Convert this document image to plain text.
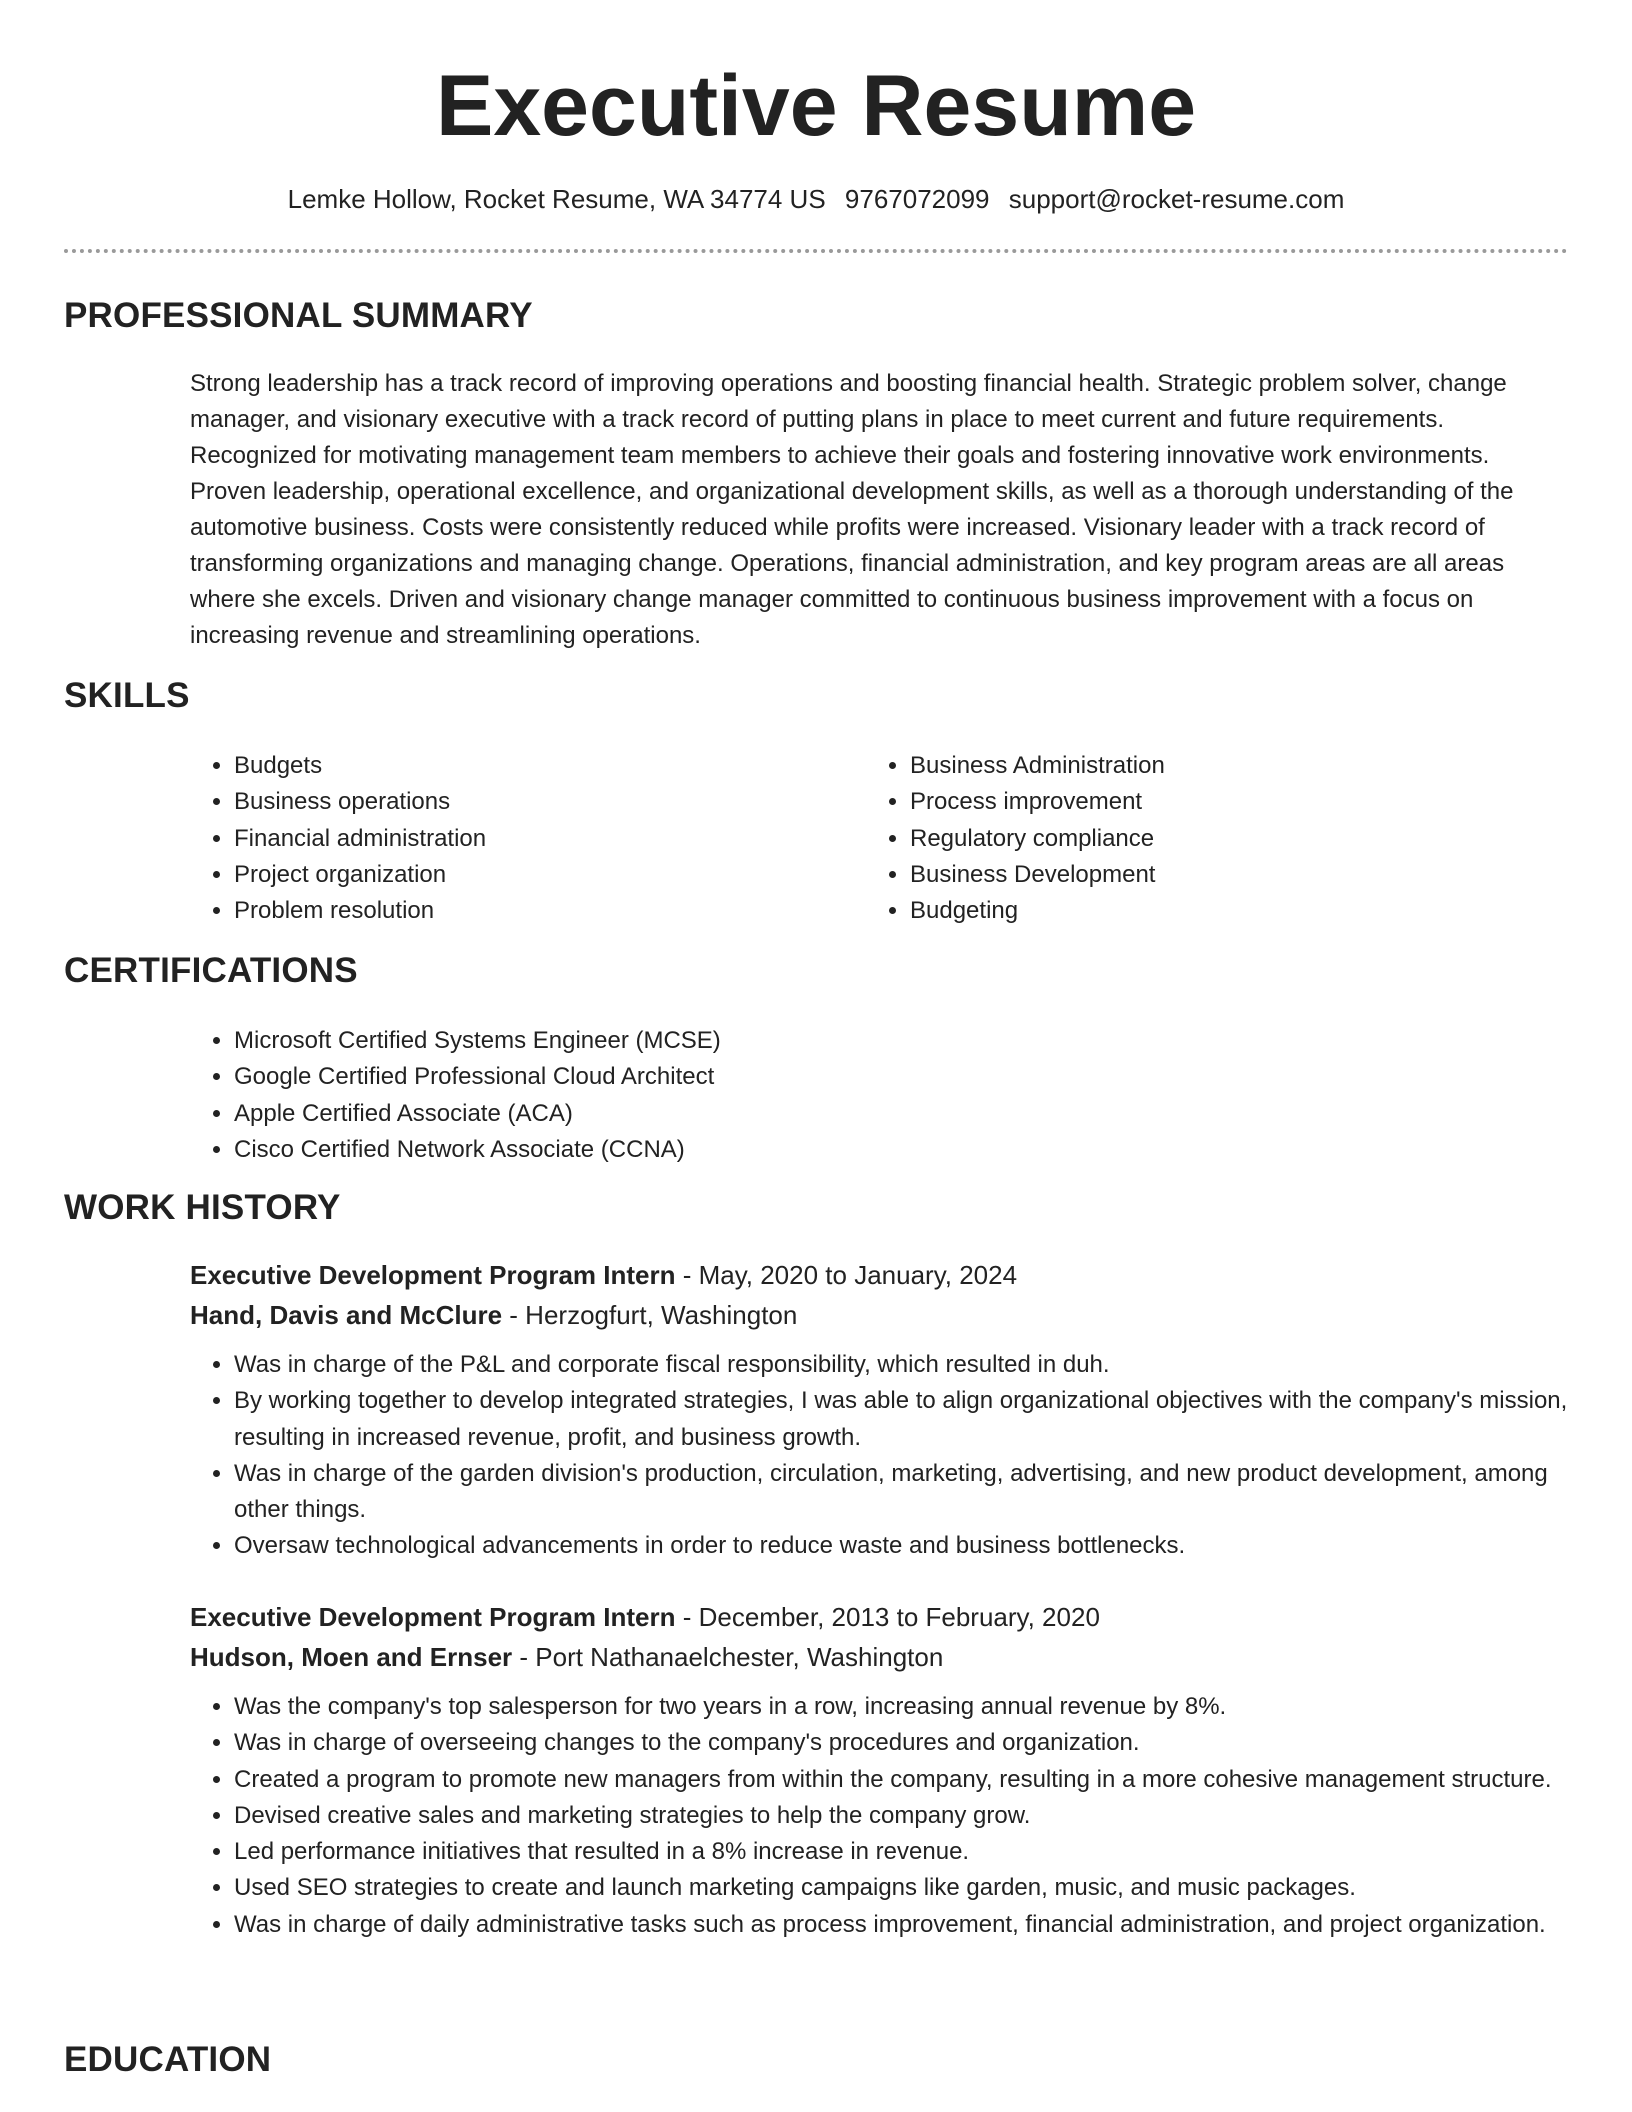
Executive Resume
Lemke Hollow, Rocket Resume, WA 34774 US 9767072099 support@rocket-resume.com
PROFESSIONAL SUMMARY

Strong leadership has a track record of improving operations and boosting financial health. Strategic problem solver, change manager, and visionary executive with a track record of putting plans in place to meet current and future requirements. Recognized for motivating management team members to achieve their goals and fostering innovative work environments. Proven leadership, operational excellence, and organizational development skills, as well as a thorough understanding of the automotive business. Costs were consistently reduced while profits were increased. Visionary leader with a track record of transforming organizations and managing change. Operations, financial administration, and key program areas are all areas where she excels. Driven and visionary change manager committed to continuous business improvement with a focus on increasing revenue and streamlining operations.

SKILLS
• Budgets
• Business operations
• Financial administration
• Project organization
• Problem resolution
• Business Administration
• Process improvement
• Regulatory compliance
• Business Development
• Budgeting
CERTIFICATIONS
• Microsoft Certified Systems Engineer (MCSE)
• Google Certified Professional Cloud Architect
• Apple Certified Associate (ACA)
• Cisco Certified Network Associate (CCNA)
WORK HISTORY

Executive Development Program Intern - May, 2020 to January, 2024

Hand, Davis and McClure - Herzogfurt, Washington

• Was in charge of the P&L and corporate fiscal responsibility, which resulted in duh.
• By working together to develop integrated strategies, I was able to align organizational objectives with the company's mission, resulting in increased revenue, profit, and business growth.
• Was in charge of the garden division's production, circulation, marketing, advertising, and new product development, among other things.
• Oversaw technological advancements in order to reduce waste and business bottlenecks.

Executive Development Program Intern - December, 2013 to February, 2020

Hudson, Moen and Ernser - Port Nathanaelchester, Washington

• Was the company's top salesperson for two years in a row, increasing annual revenue by 8%.
• Was in charge of overseeing changes to the company's procedures and organization.
• Created a program to promote new managers from within the company, resulting in a more cohesive management structure.
• Devised creative sales and marketing strategies to help the company grow.
• Led performance initiatives that resulted in a 8% increase in revenue.
• Used SEO strategies to create and launch marketing campaigns like garden, music, and music packages.
• Was in charge of daily administrative tasks such as process improvement, financial administration, and project organization.
EDUCATION
